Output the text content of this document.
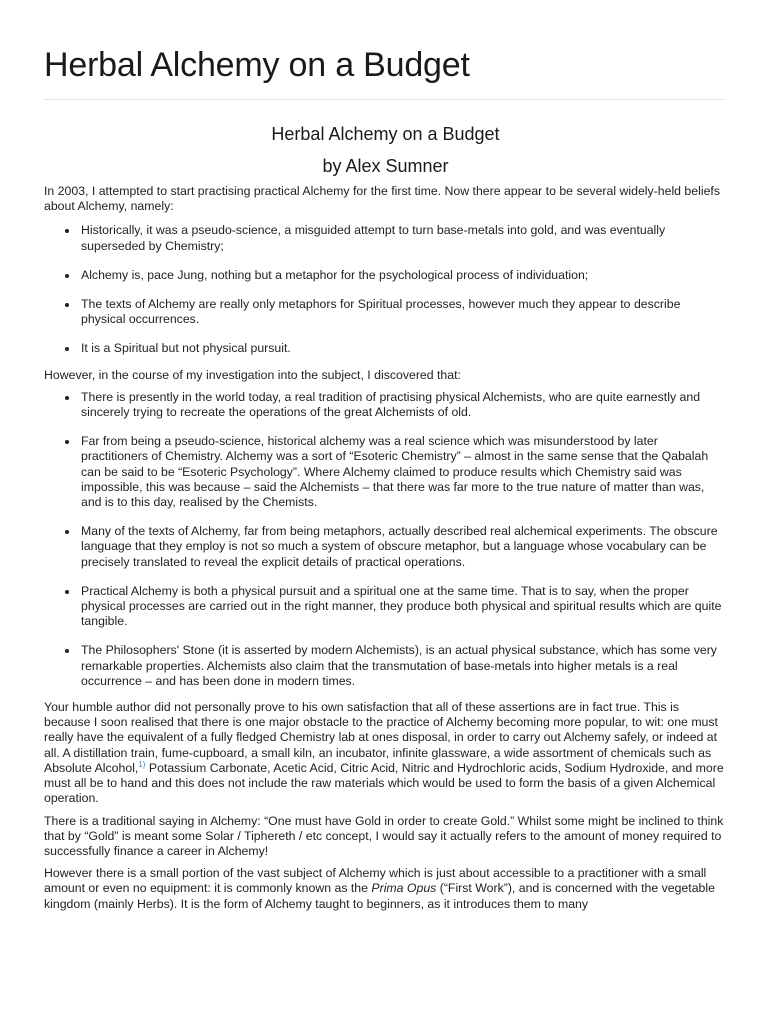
Herbal Alchemy on a Budget
Herbal Alchemy on a Budget
by Alex Sumner

In 2003, I attempted to start practising practical Alchemy for the first time. Now there appear to be several widely-held beliefs about Alchemy, namely:

Historically, it was a pseudo-science, a misguided attempt to turn base-metals into gold, and was eventually superseded by Chemistry;
Alchemy is, pace Jung, nothing but a metaphor for the psychological process of individuation;
The texts of Alchemy are really only metaphors for Spiritual processes, however much they appear to describe physical occurrences.
It is a Spiritual but not physical pursuit.

However, in the course of my investigation into the subject, I discovered that:

There is presently in the world today, a real tradition of practising physical Alchemists, who are quite earnestly and sincerely trying to recreate the operations of the great Alchemists of old.
Far from being a pseudo-science, historical alchemy was a real science which was misunderstood by later practitioners of Chemistry. Alchemy was a sort of “Esoteric Chemistry” – almost in the same sense that the Qabalah can be said to be “Esoteric Psychology”. Where Alchemy claimed to produce results which Chemistry said was impossible, this was because – said the Alchemists – that there was far more to the true nature of matter than was, and is to this day, realised by the Chemists.
Many of the texts of Alchemy, far from being metaphors, actually described real alchemical experiments. The obscure language that they employ is not so much a system of obscure metaphor, but a language whose vocabulary can be precisely translated to reveal the explicit details of practical operations.
Practical Alchemy is both a physical pursuit and a spiritual one at the same time. That is to say, when the proper physical processes are carried out in the right manner, they produce both physical and spiritual results which are quite tangible.
The Philosophers' Stone (it is asserted by modern Alchemists), is an actual physical substance, which has some very remarkable properties. Alchemists also claim that the transmutation of base-metals into higher metals is a real occurrence – and has been done in modern times.

Your humble author did not personally prove to his own satisfaction that all of these assertions are in fact true. This is because I soon realised that there is one major obstacle to the practice of Alchemy becoming more popular, to wit: one must really have the equivalent of a fully fledged Chemistry lab at ones disposal, in order to carry out Alchemy safely, or indeed at all. A distillation train, fume-cupboard, a small kiln, an incubator, infinite glassware, a wide assortment of chemicals such as Absolute Alcohol,$^{1)}$ Potassium Carbonate, Acetic Acid, Citric Acid, Nitric and Hydrochloric acids, Sodium Hydroxide, and more must all be to hand and this does not include the raw materials which would be used to form the basis of a given Alchemical operation.

There is a traditional saying in Alchemy: “One must have Gold in order to create Gold.” Whilst some might be inclined to think that by “Gold” is meant some Solar / Tiphereth / etc concept, I would say it actually refers to the amount of money required to successfully finance a career in Alchemy!

However there is a small portion of the vast subject of Alchemy which is just about accessible to a practitioner with a small amount or even no equipment: it is commonly known as the Prima Opus (“First Work”), and is concerned with the vegetable kingdom (mainly Herbs). It is the form of Alchemy taught to beginners, as it introduces them to many
